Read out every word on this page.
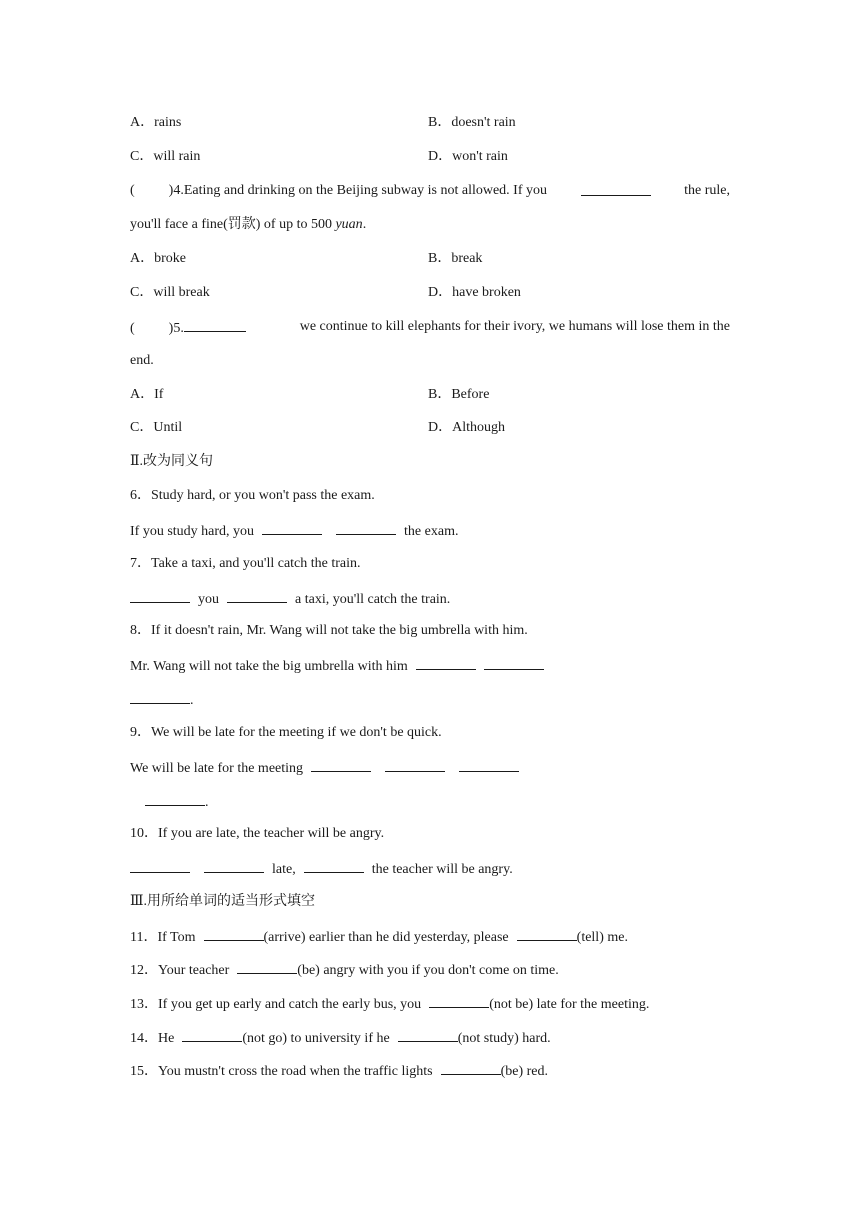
A．rains	B．doesn't rain
C．will rain	D．won't rain
( )4.Eating and drinking on the Beijing subway is not allowed. If you	the rule,
you'll face a fine(罚款) of up to 500 yuan.
A．broke	B．break
C．will break	D．have broken
( )5.	we continue to kill elephants for their ivory, we humans will lose them in the
end.
A．If	B．Before
C．Until	D．Although
Ⅱ.改为同义句
6．Study hard, or you won't pass the exam.
If you study hard, you	the exam.
7．Take a taxi, and you'll catch the train.
you	a taxi, you'll catch the train.
8．If it doesn't rain, Mr. Wang will not take the big umbrella with him.
Mr. Wang will not take the big umbrella with him
.
9．We will be late for the meeting if we don't be quick.
We will be late for the meeting
.
10．If you are late, the teacher will be angry.
late,	the teacher will be angry.
Ⅲ.用所给单词的适当形式填空
11．If Tom	(arrive) earlier than he did yesterday, please	(tell) me.
12．Your teacher	(be) angry with you if you don't come on time.
13．If you get up early and catch the early bus, you	(not be) late for the meeting.
14．He	(not go) to university if he	(not study) hard.
15．You mustn't cross the road when the traffic lights	(be) red.
